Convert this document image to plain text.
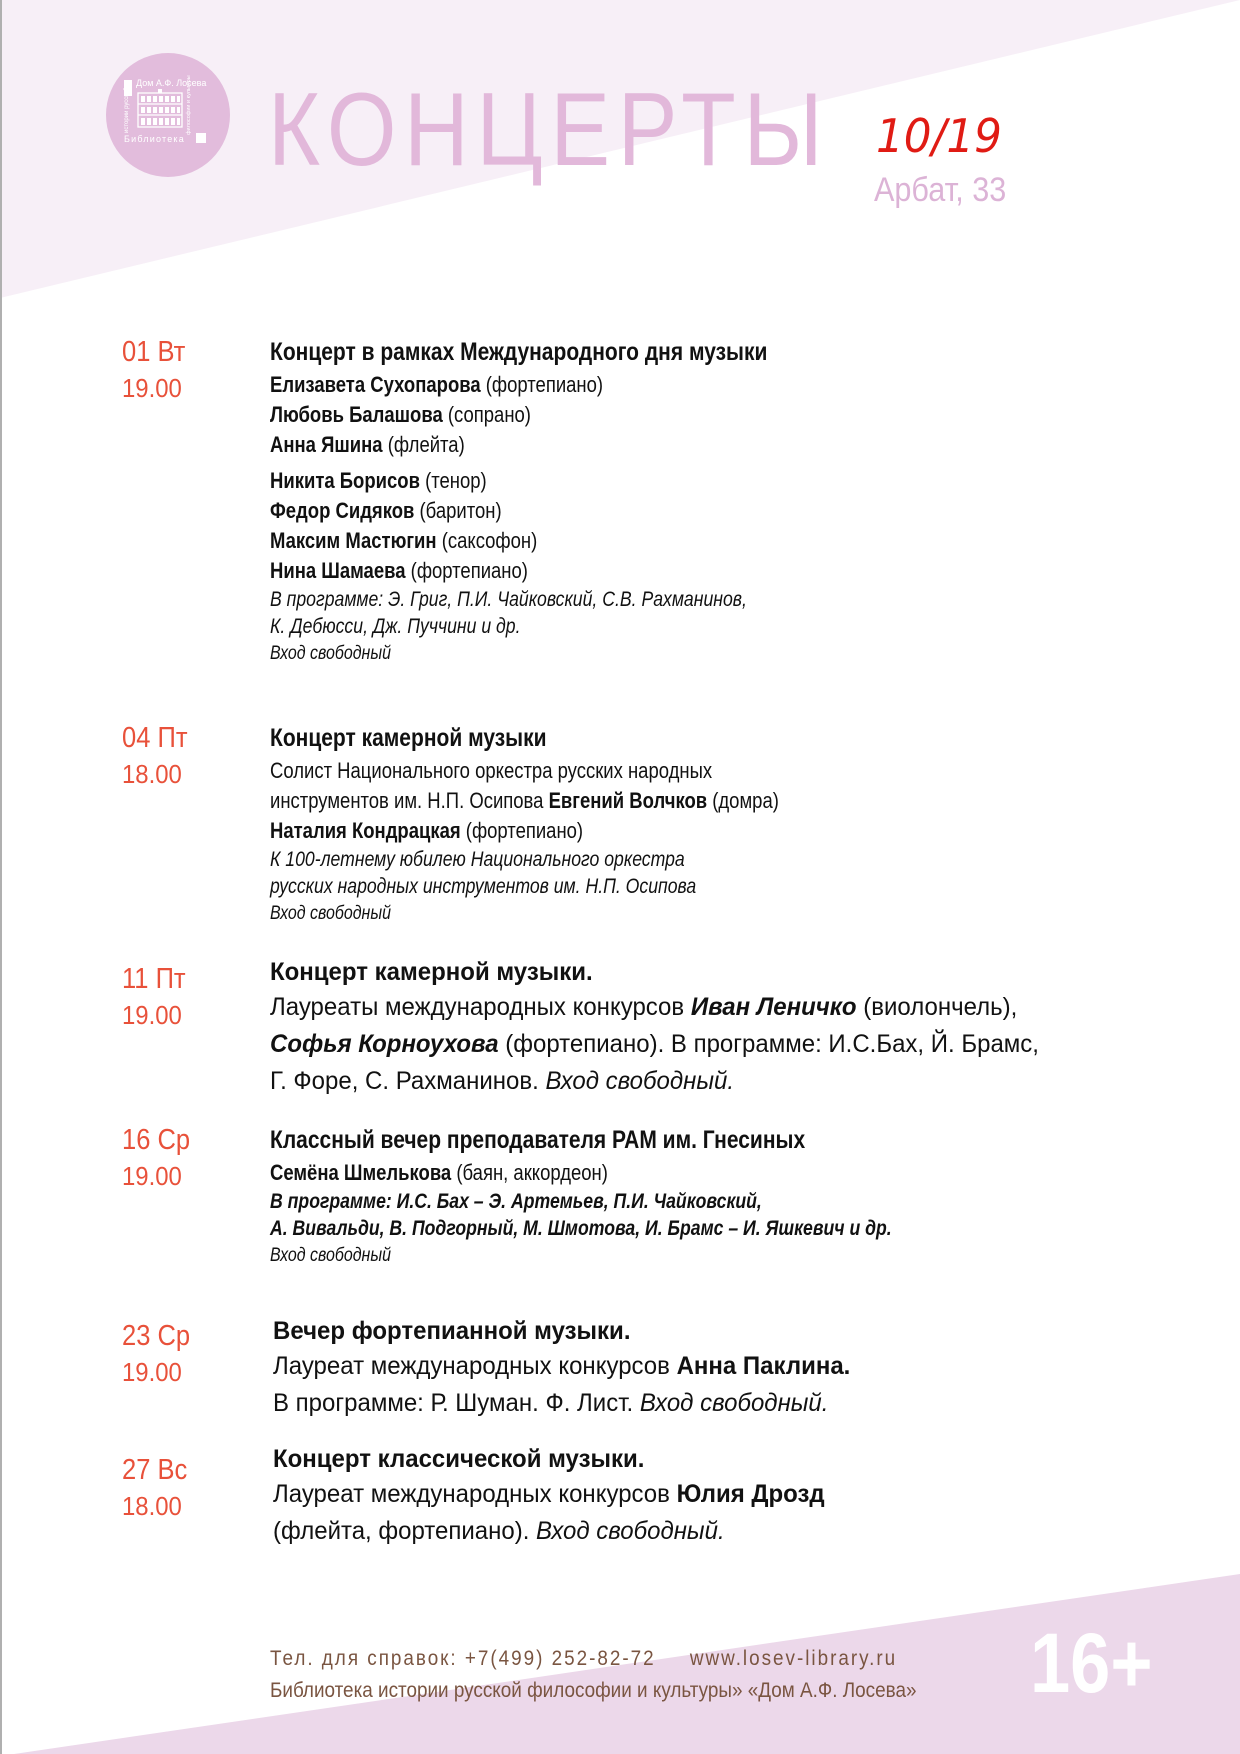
Дом А.Ф. Лосева
истории русской	философии и культуры
Библиотека КОНЦЕРТЫ 10/19
Арбат, 33
01 Вт
19.00
Концерт в рамках Международного дня музыки
Елизавета Сухопарова (фортепиано)
Любовь Балашова (сопрано)
Анна Яшина (флейта)
Никита Борисов (тенор)
Федор Сидяков (баритон)
Максим Мастюгин (саксофон)
Нина Шамаева (фортепиано)
В программе: Э. Григ, П.И. Чайковский, С.В. Рахманинов,
К. Дебюсси, Дж. Пуччини и др.
Вход свободный
04 Пт
18.00
Концерт камерной музыки
Солист Национального оркестра русских народных
инструментов им. Н.П. Осипова Евгений Волчков (домра)
Наталия Кондрацкая (фортепиано)
К 100-летнему юбилею Национального оркестра
русских народных инструментов им. Н.П. Осипова
Вход свободный
11 Пт
19.00
Концерт камерной музыки.
Лауреаты международных конкурсов Иван Леничко (виолончель),
Софья Корноухова (фортепиано). В программе: И.С.Бах, Й. Брамс,
Г. Форе, С. Рахманинов. Вход свободный.
16 Ср
19.00
Классный вечер преподавателя РАМ им. Гнесиных
Семёна Шмелькова (баян, аккордеон)
В программе: И.С. Бах – Э. Артемьев, П.И. Чайковский,
А. Вивальди, В. Подгорный, М. Шмотова, И. Брамс – И. Яшкевич и др.
Вход свободный
23 Ср
19.00
Вечер фортепианной музыки.
Лауреат международных конкурсов Анна Паклина.
В программе: Р. Шуман. Ф. Лист. Вход свободный.
27 Вс
18.00
Концерт классической музыки.
Лауреат международных конкурсов Юлия Дрозд
(флейта, фортепиано). Вход свободный.
Тел. для справок: +7(499) 252-82-72 www.losev-library.ru
Библиотека истории русской философии и культуры» «Дом А.Ф. Лосева» 16+
